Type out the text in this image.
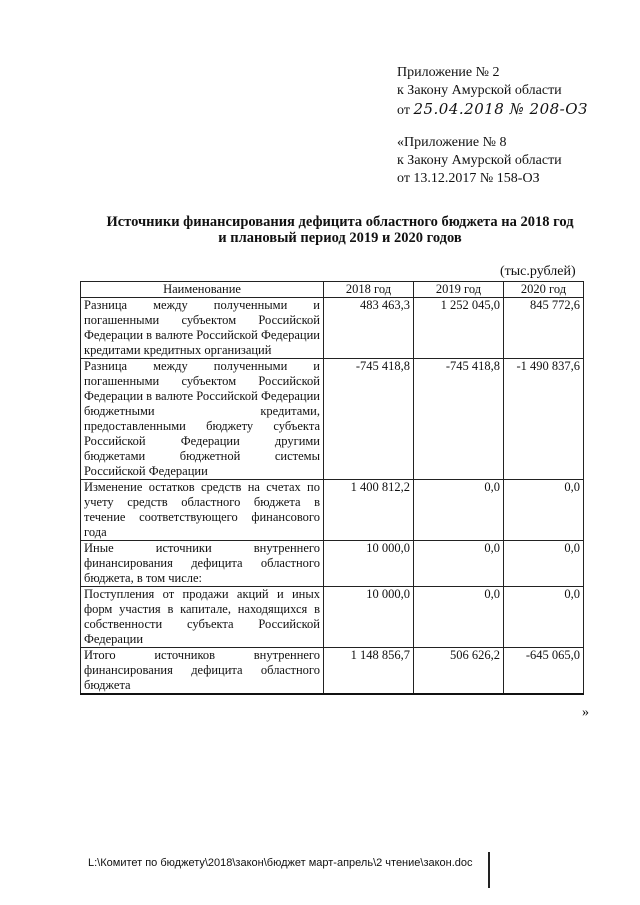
Приложение № 2
к Закону Амурской области
от 25.04.2018 № 208-ОЗ
«Приложение № 8
к Закону Амурской области
от 13.12.2017 № 158-ОЗ
Источники финансирования дефицита областного бюджета на 2018 год
и плановый период 2019 и 2020 годов
(тыс.рублей)
Наименование	2018 год	2019 год	2020 год
Разница между полученными и погашенными субъектом Российской Федерации в валюте Российской Федерации кредитами кредитных организаций	483 463,3	1 252 045,0	845 772,6
Разница между полученными и погашенными субъектом Российской Федерации в валюте Российской Федерации бюджетными кредитами, предоставленными бюджету субъекта Российской Федерации другими бюджетами бюджетной системы Российской Федерации	-745 418,8	-745 418,8	-1 490 837,6
Изменение остатков средств на счетах по учету средств областного бюджета в течение соответствующего финансового года	1 400 812,2	0,0	0,0
Иные источники внутреннего финансирования дефицита областного бюджета, в том числе:	10 000,0	0,0	0,0
Поступления от продажи акций и иных форм участия в капитале, находящихся в собственности субъекта Российской Федерации	10 000,0	0,0	0,0
Итого источников внутреннего финансирования дефицита областного бюджета	1 148 856,7	506 626,2	-645 065,0
»
L:\Комитет по бюджету\2018\закон\бюджет март-апрель\2 чтение\закон.doc
